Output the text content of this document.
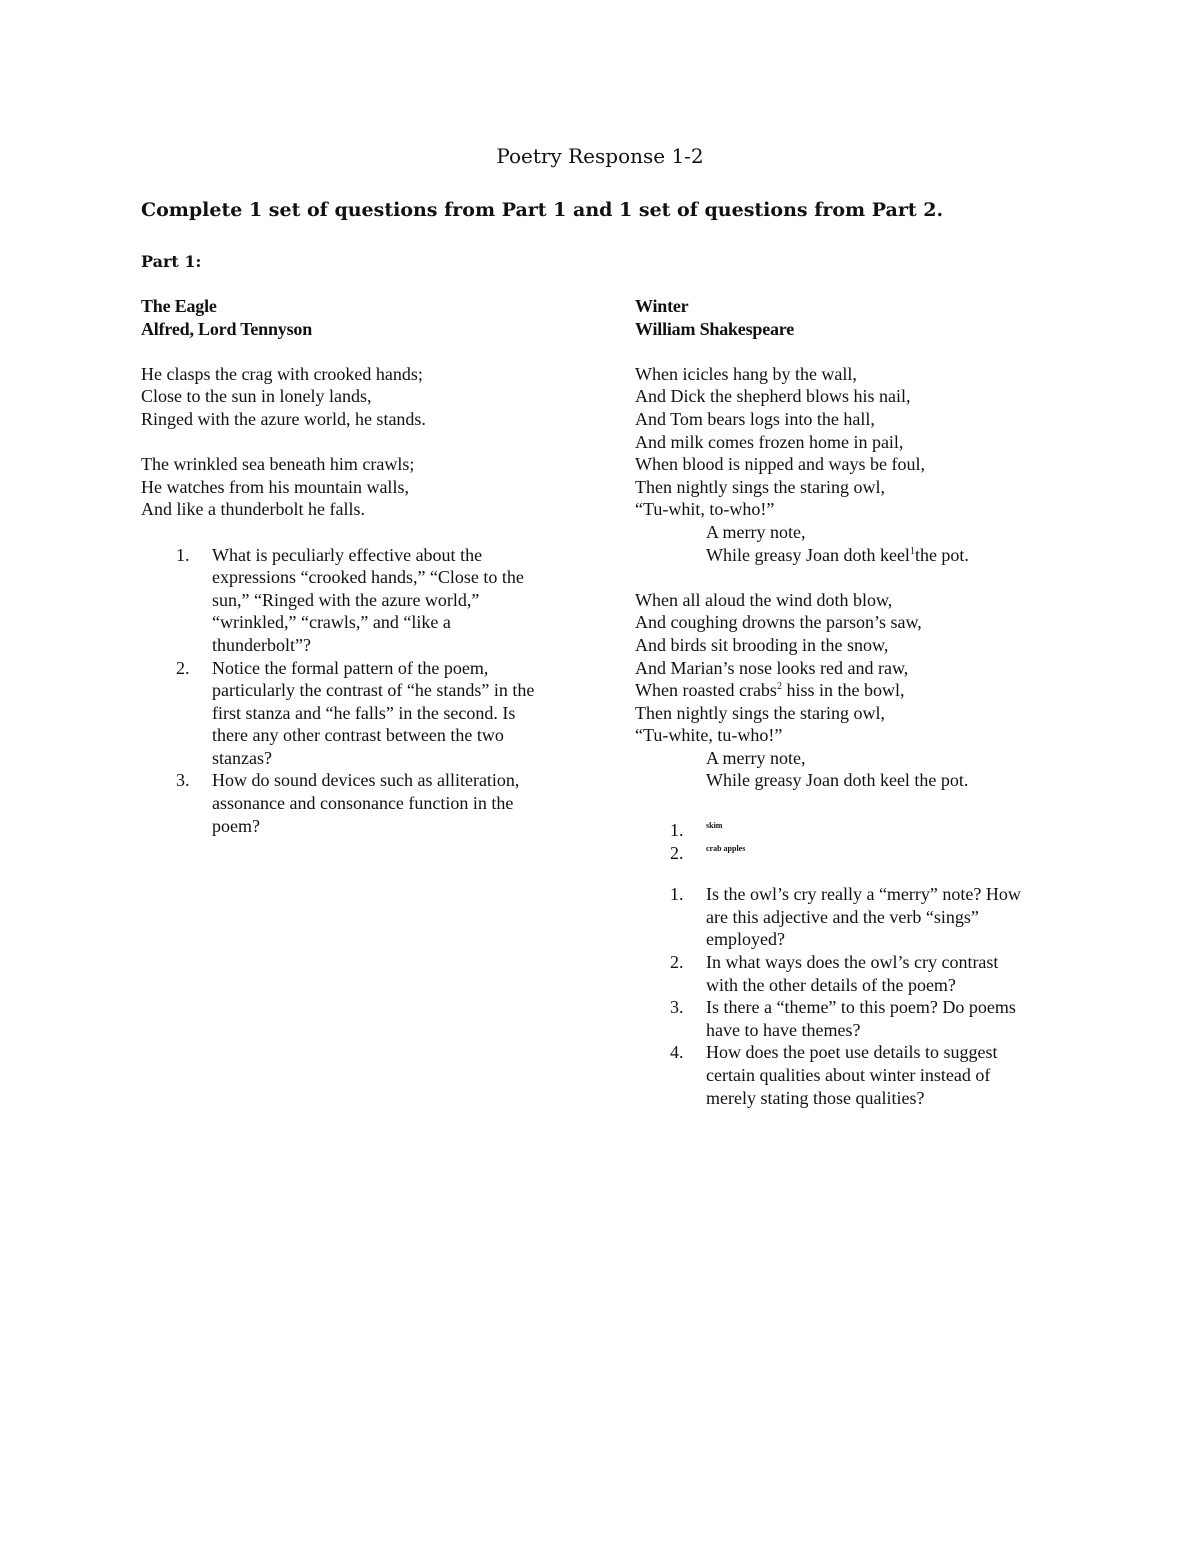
Poetry Response 1-2
Complete 1 set of questions from Part 1 and 1 set of questions from Part 2.
Part 1:
The Eagle
Alfred, Lord Tennyson
He clasps the crag with crooked hands;
Close to the sun in lonely lands,
Ringed with the azure world, he stands.
The wrinkled sea beneath him crawls;
He watches from his mountain walls,
And like a thunderbolt he falls.
1. What is peculiarly effective about the
expressions “crooked hands,” “Close to the
sun,” “Ringed with the azure world,”
“wrinkled,” “crawls,” and “like a
thunderbolt”?
2. Notice the formal pattern of the poem,
particularly the contrast of “he stands” in the
first stanza and “he falls” in the second. Is
there any other contrast between the two
stanzas?
3. How do sound devices such as alliteration,
assonance and consonance function in the
poem?
Winter
William Shakespeare
When icicles hang by the wall,
And Dick the shepherd blows his nail,
And Tom bears logs into the hall,
And milk comes frozen home in pail,
When blood is nipped and ways be foul,
Then nightly sings the staring owl,
“Tu-whit, to-who!”
A merry note,
While greasy Joan doth keel$^1$the pot.
When all aloud the wind doth blow,
And coughing drowns the parson’s saw,
And birds sit brooding in the snow,
And Marian’s nose looks red and raw,
When roasted crabs$^2$ hiss in the bowl,
Then nightly sings the staring owl,
“Tu-white, tu-who!”
A merry note,
While greasy Joan doth keel the pot.
1.	$^{skim}$
2.	$^{crab apples}$
1. Is the owl’s cry really a “merry” note? How
are this adjective and the verb “sings”
employed?
2. In what ways does the owl’s cry contrast
with the other details of the poem?
3. Is there a “theme” to this poem? Do poems
have to have themes?
4. How does the poet use details to suggest
certain qualities about winter instead of
merely stating those qualities?
